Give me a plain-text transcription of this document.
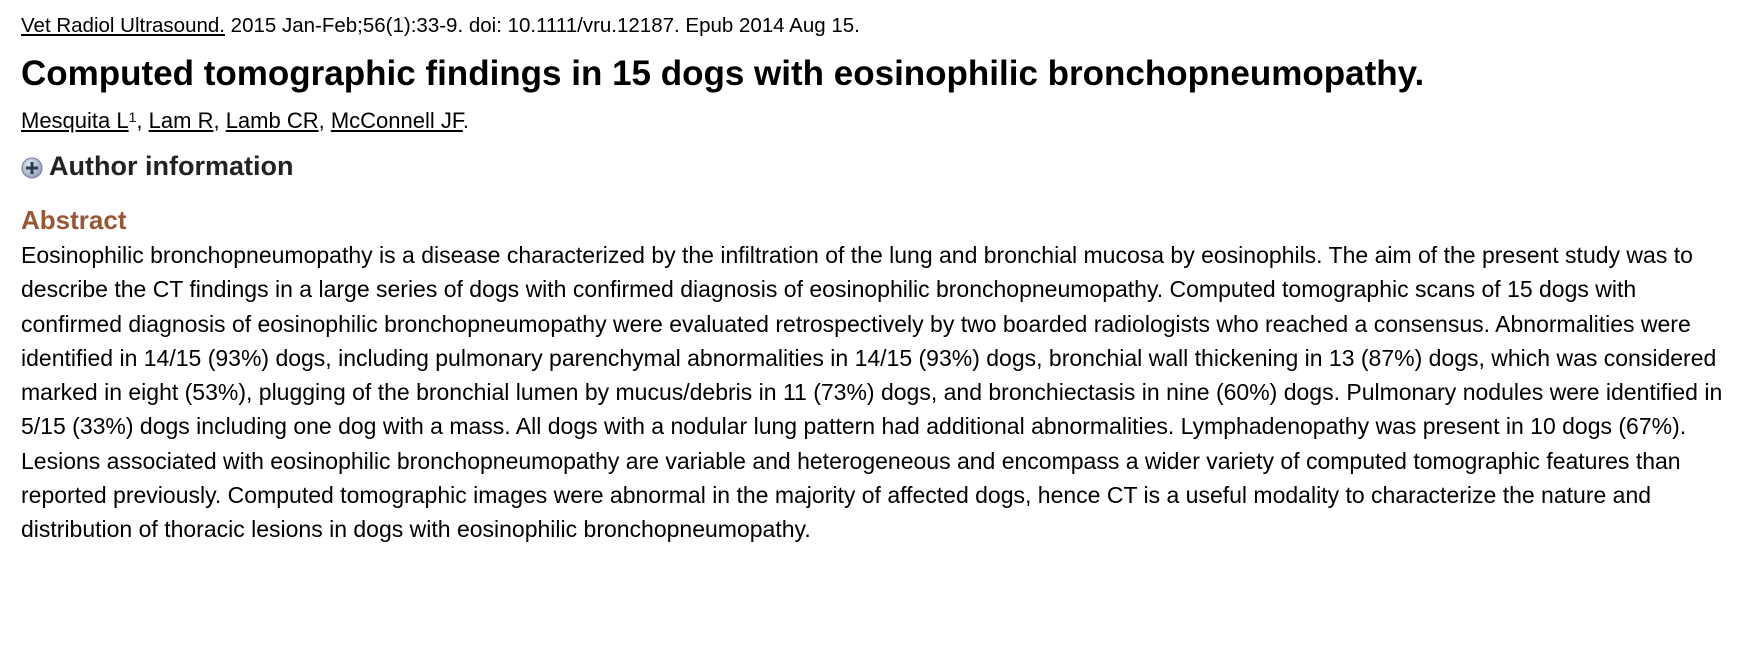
Vet Radiol Ultrasound. 2015 Jan-Feb;56(1):33-9. doi: 10.1111/vru.12187. Epub 2014 Aug 15.
Computed tomographic findings in 15 dogs with eosinophilic bronchopneumopathy.
Mesquita $L^1$, Lam R, Lamb CR, McConnell JF.
Author information
Abstract

Eosinophilic bronchopneumopathy is a disease characterized by the infiltration of the lung and bronchial mucosa by eosinophils. The aim of the present study was to describe the CT findings in a large series of dogs with confirmed diagnosis of eosinophilic bronchopneumopathy. Computed tomographic scans of 15 dogs with confirmed diagnosis of eosinophilic bronchopneumopathy were evaluated retrospectively by two boarded radiologists who reached a consensus. Abnormalities were identified in 14/15 (93%) dogs, including pulmonary parenchymal abnormalities in 14/15 (93%) dogs, bronchial wall thickening in 13 (87%) dogs, which was considered marked in eight (53%), plugging of the bronchial lumen by mucus/debris in 11 (73%) dogs, and bronchiectasis in nine (60%) dogs. Pulmonary nodules were identified in 5/15 (33%) dogs including one dog with a mass. All dogs with a nodular lung pattern had additional abnormalities. Lymphadenopathy was present in 10 dogs (67%). Lesions associated with eosinophilic bronchopneumopathy are variable and heterogeneous and encompass a wider variety of computed tomographic features than reported previously. Computed tomographic images were abnormal in the majority of affected dogs, hence CT is a useful modality to characterize the nature and distribution of thoracic lesions in dogs with eosinophilic bronchopneumopathy.
